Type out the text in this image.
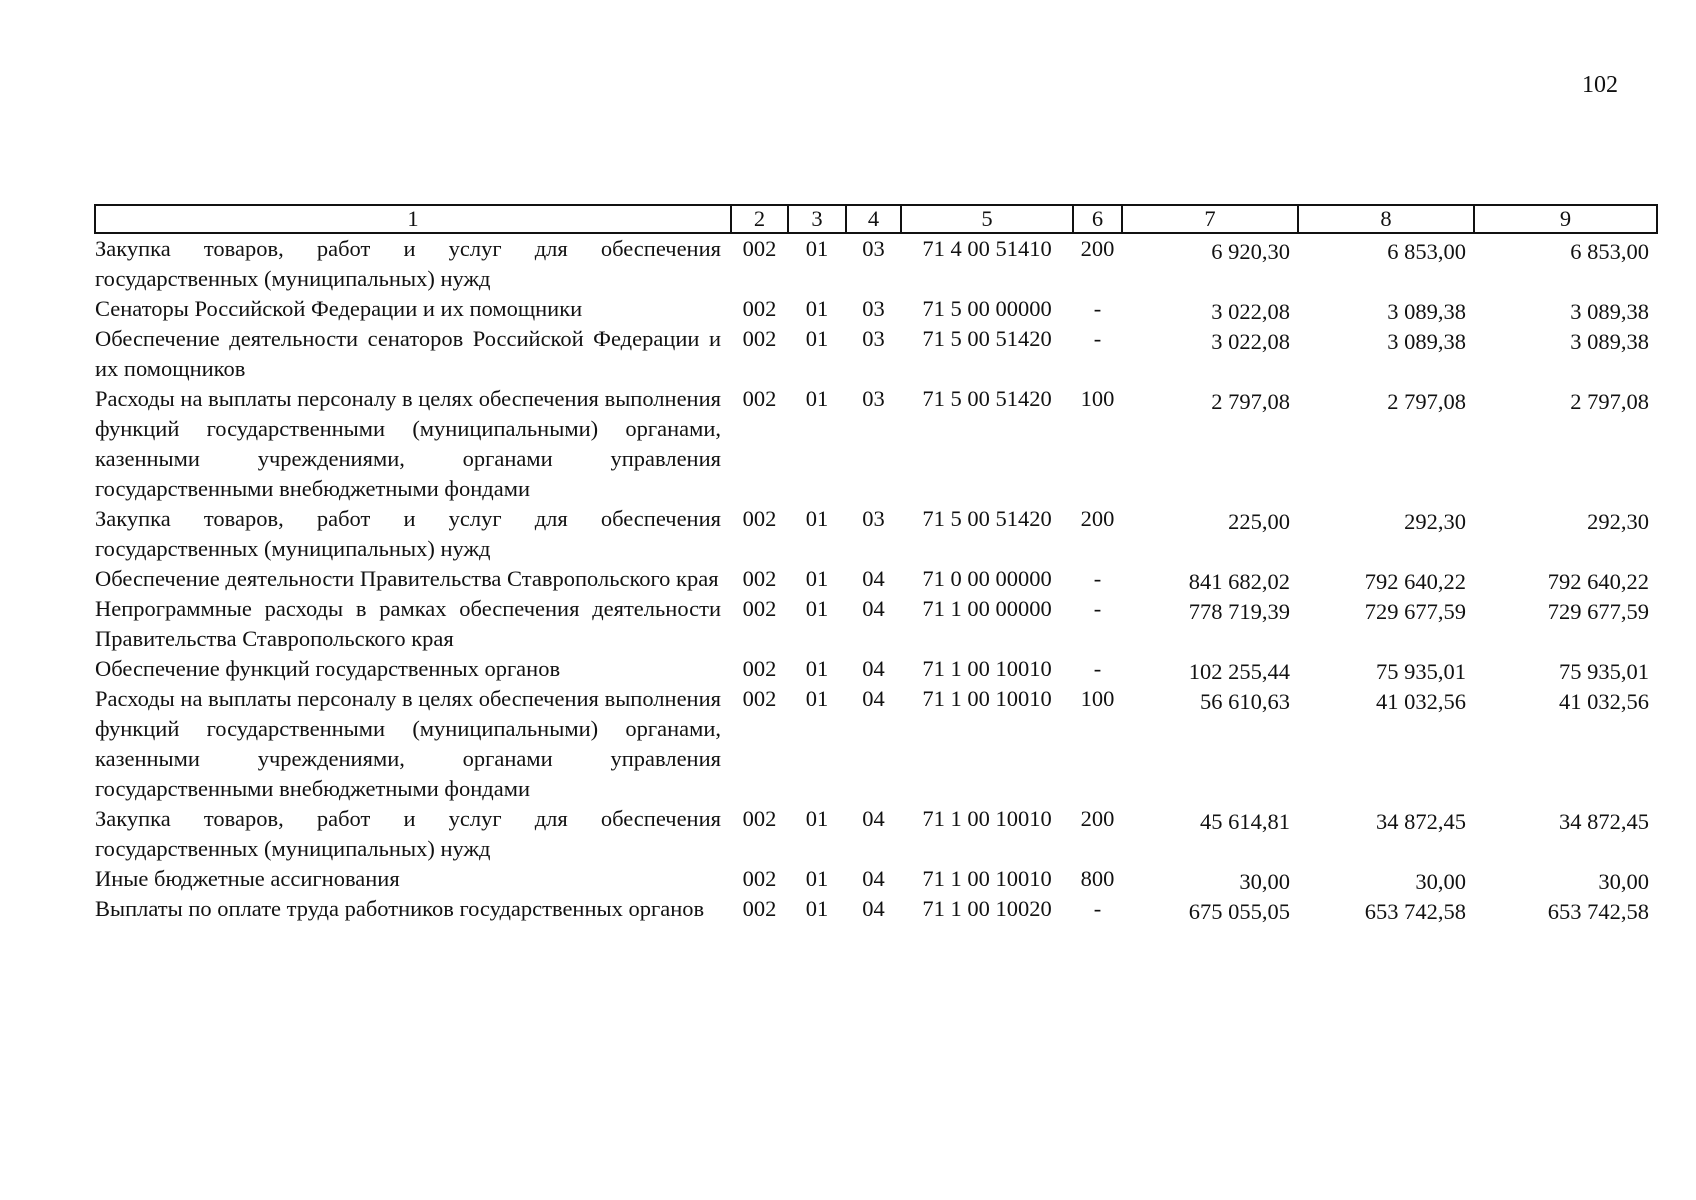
102
1	2	3	4	5	6	7	8	9
Закупка товаров, работ и услуг для обеспечения государственных (муниципальных) нужд	002	01	03	71 4 00 51410	200	6 920,30	6 853,00	6 853,00
Сенаторы Российской Федерации и их помощники	002	01	03	71 5 00 00000	-	3 022,08	3 089,38	3 089,38
Обеспечение деятельности сенаторов Российской Федерации и их помощников	002	01	03	71 5 00 51420	-	3 022,08	3 089,38	3 089,38
Расходы на выплаты персоналу в целях обеспечения выполнения функций государственными (муниципальными) органами, казенными учреждениями, органами управления государственными внебюджетными фондами	002	01	03	71 5 00 51420	100	2 797,08	2 797,08	2 797,08
Закупка товаров, работ и услуг для обеспечения государственных (муниципальных) нужд	002	01	03	71 5 00 51420	200	225,00	292,30	292,30
Обеспечение деятельности Правительства Ставропольского края	002	01	04	71 0 00 00000	-	841 682,02	792 640,22	792 640,22
Непрограммные расходы в рамках обеспечения деятельности Правительства Ставропольского края	002	01	04	71 1 00 00000	-	778 719,39	729 677,59	729 677,59
Обеспечение функций государственных органов	002	01	04	71 1 00 10010	-	102 255,44	75 935,01	75 935,01
Расходы на выплаты персоналу в целях обеспечения выполнения функций государственными (муниципальными) органами, казенными учреждениями, органами управления государственными внебюджетными фондами	002	01	04	71 1 00 10010	100	56 610,63	41 032,56	41 032,56
Закупка товаров, работ и услуг для обеспечения государственных (муниципальных) нужд	002	01	04	71 1 00 10010	200	45 614,81	34 872,45	34 872,45
Иные бюджетные ассигнования	002	01	04	71 1 00 10010	800	30,00	30,00	30,00
Выплаты по оплате труда работников государственных органов	002	01	04	71 1 00 10020	-	675 055,05	653 742,58	653 742,58
